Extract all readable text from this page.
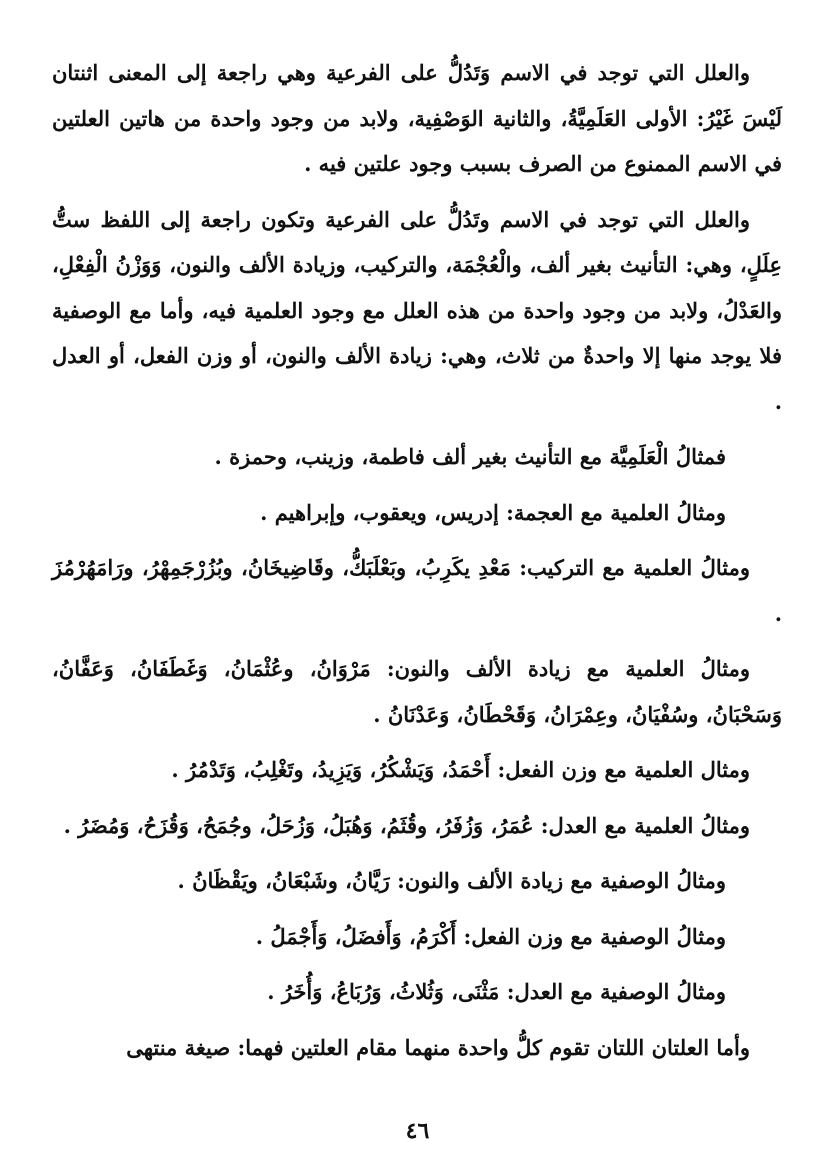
والعلل التي توجد في الاسم وَتَدُلُّ على الفرعية وهي راجعة إلى المعنى اثنتان لَيْسَ غَيْرُ: الأولى العَلَمِيَّةُ، والثانية الوَصْفِية، ولابد من وجود واحدة من هاتين العلتين في الاسم الممنوع من الصرف بسبب وجود علتين فيه .

والعلل التي توجد في الاسم وتَدُلُّ على الفرعية وتكون راجعة إلى اللفظ ستُّ عِلَلٍ، وهي: التأنيث بغير ألف، والْعُجْمَة، والتركيب، وزيادة الألف والنون، وَوَزْنُ الْفِعْلِ، والعَدْلُ، ولابد من وجود واحدة من هذه العلل مع وجود العلمية فيه، وأما مع الوصفية فلا يوجد منها إلا واحدةٌ من ثلاث، وهي: زيادة الألف والنون، أو وزن الفعل، أو العدل .

فمثالُ الْعَلَمِيَّة مع التأنيث بغير ألف فاطمة، وزينب، وحمزة .

ومثالُ العلمية مع العجمة: إدريس، ويعقوب، وإبراهيم .

ومثالُ العلمية مع التركيب: مَعْدِ يكَرِبُ، وبَعْلَبَكُّ، وقَاضِيخَانُ، وبُزُرْجَمِهْرُ، ورَامَهُرْمُزَ .

ومثالُ العلمية مع زيادة الألف والنون: مَرْوَانُ، وعُثْمَانُ، وَغَطَفَانُ، وَعَفَّانُ، وَسَحْبَانُ، وسُفْيَانُ، وعِمْرَانُ، وَقَحْطَانُ، وَعَدْنَانُ .

ومثال العلمية مع وزن الفعل: أَحْمَدُ، وَيَشْكُرُ، وَيَزِيدُ، وتَغْلِبُ، وَتَدْمُرُ .

ومثالُ العلمية مع العدل: عُمَرُ، وَزُفَرُ، وقُثَمُ، وَهُبَلُ، وَزُحَلُ، وجُمَحُ، وَقُزَحُ، وَمُضَرُ .

ومثالُ الوصفية مع زيادة الألف والنون: رَيَّانُ، وشَبْعَانُ، ويَقْظَانُ .

ومثالُ الوصفية مع وزن الفعل: أَكْرَمُ، وَأَفضَلُ، وَأَجْمَلُ .

ومثالُ الوصفية مع العدل: مَثْنَى، وَثُلاثُ، وَرُبَاعُ، وَأُخَرُ .

وأما العلتان اللتان تقوم كلُّ واحدة منهما مقام العلتين فهما: صيغة منتهى

٤٦
